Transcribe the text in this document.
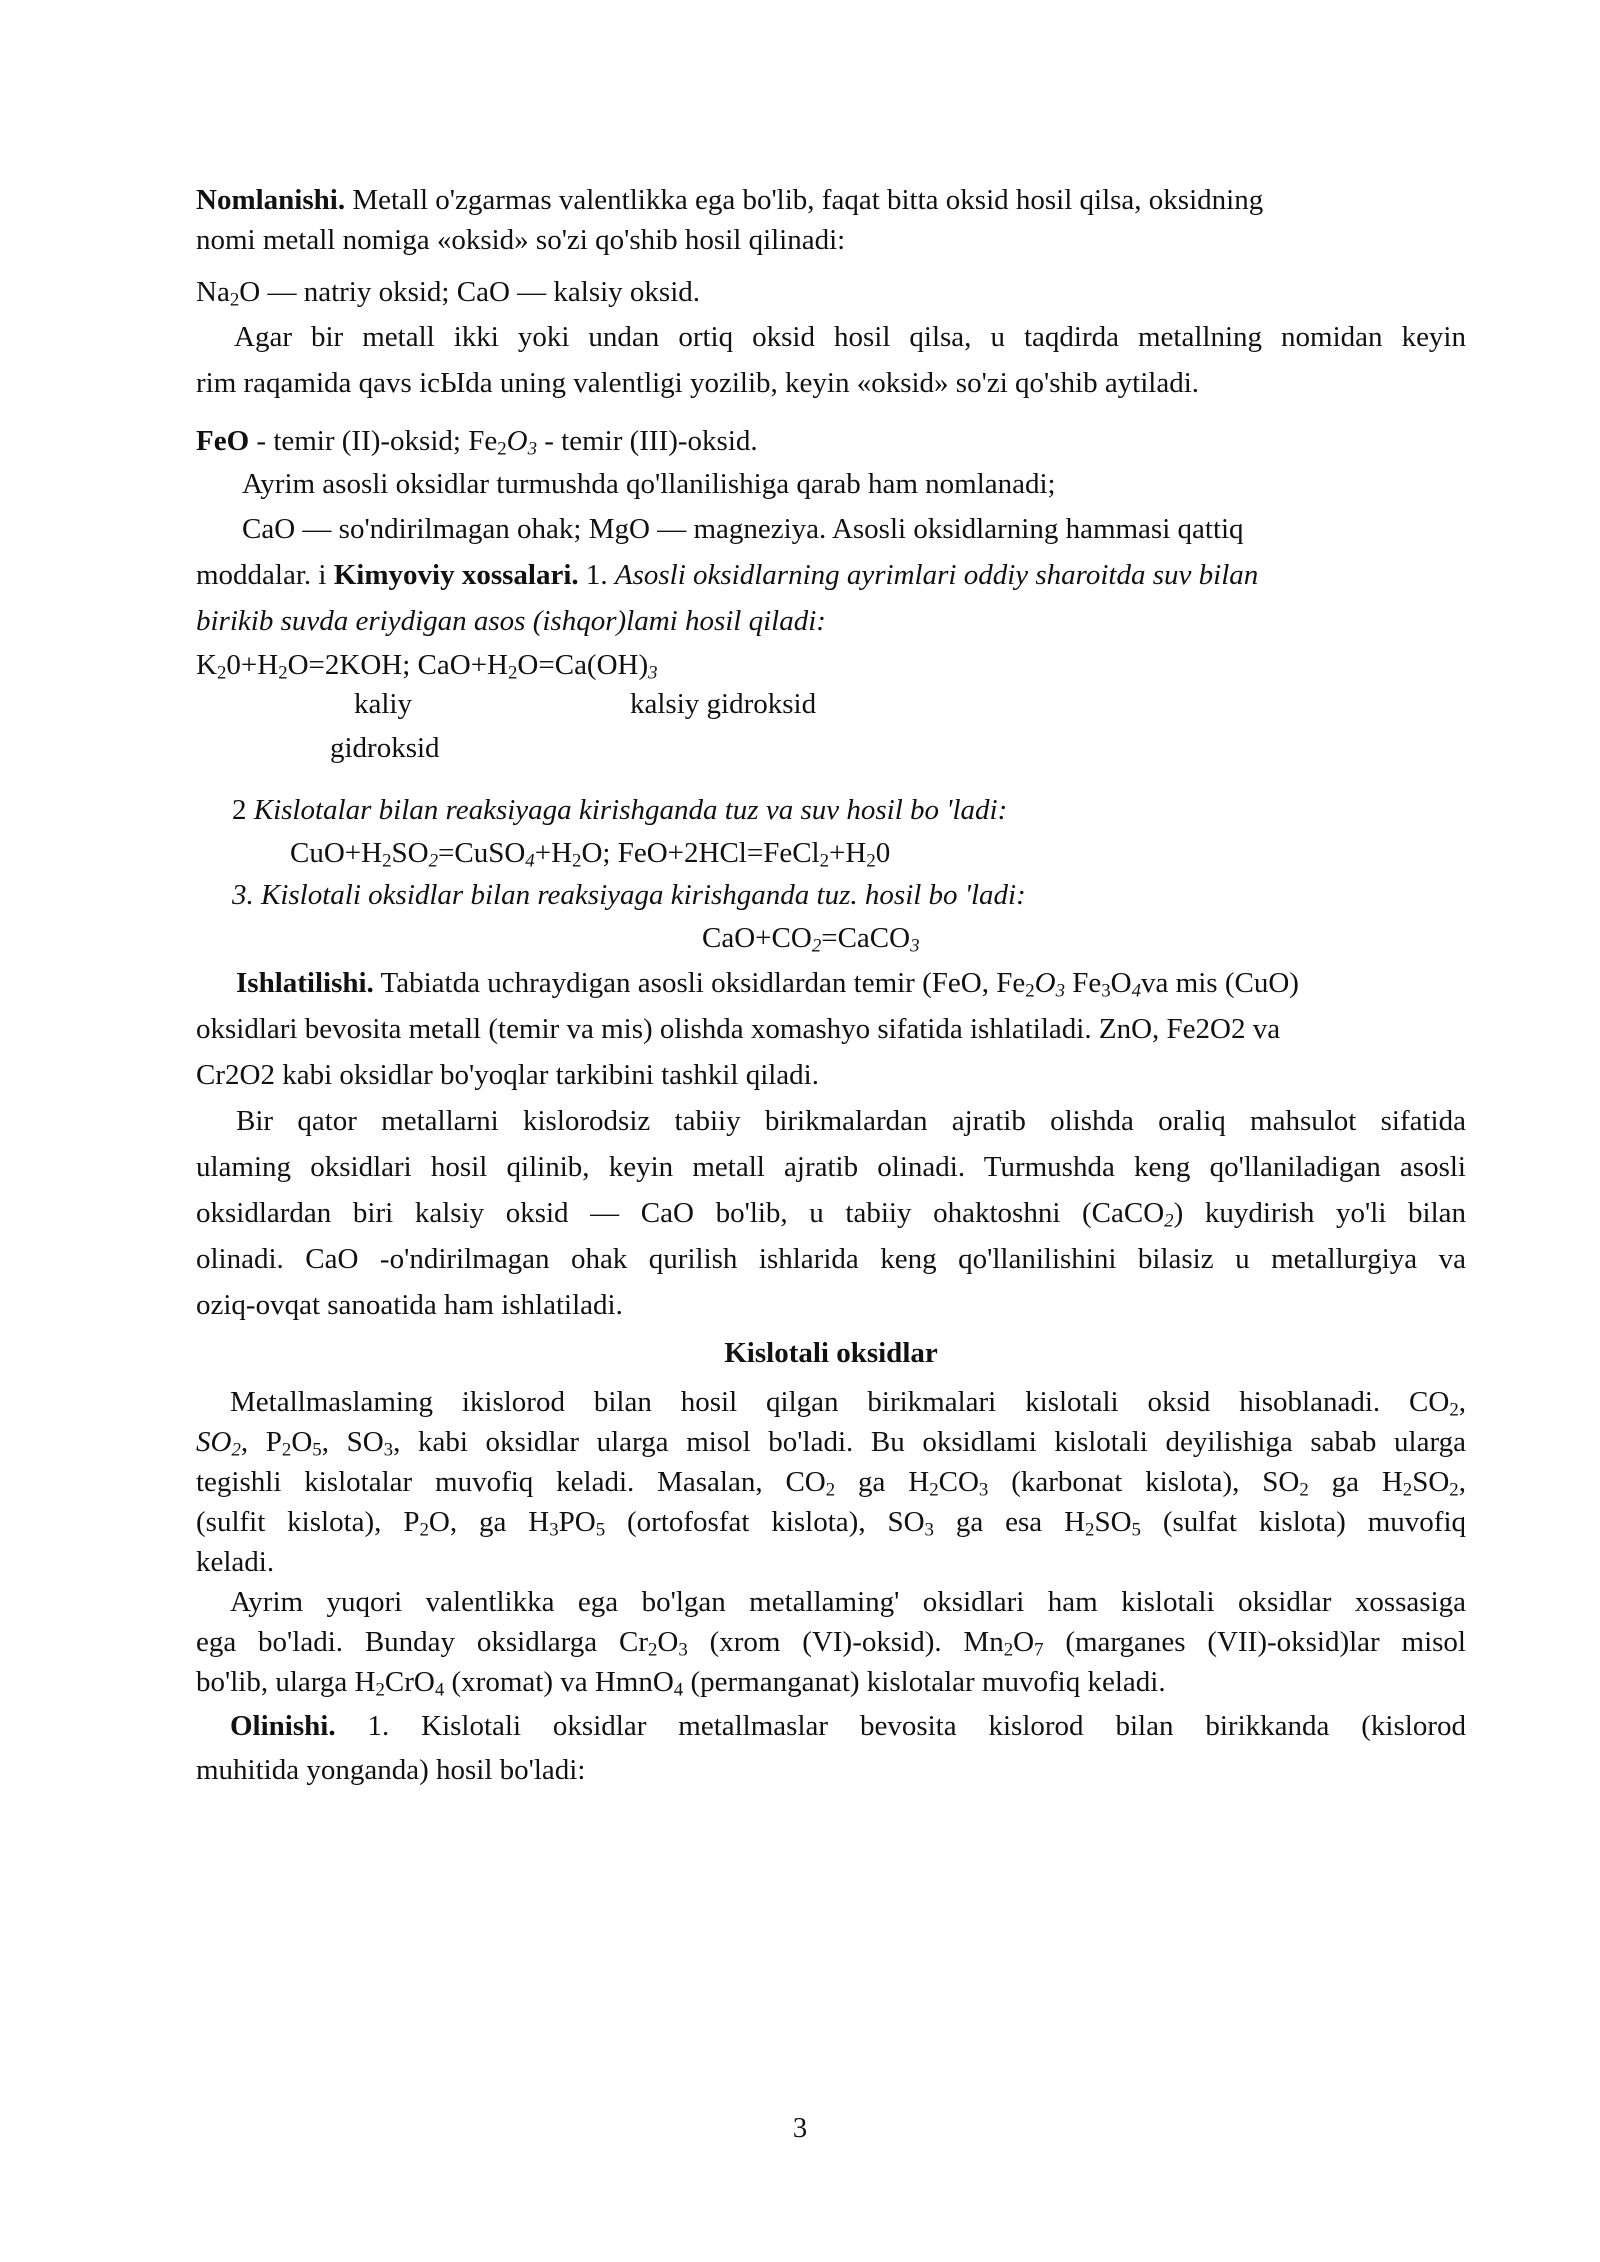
Nomlanishi. Metall o'zgarmas valentlikka ega bo'lib, faqat bitta oksid hosil qilsa, oksidning
nomi metall nomiga «oksid» so'zi qo'shib hosil qilinadi:
$Na_2O$ — natriy oksid; CaO — kalsiy oksid.
Agar bir metall ikki yoki undan ortiq oksid hosil qilsa, u taqdirda metallning nomidan keyin
rim raqamida qavs icЫda uning valentligi yozilib, keyin «oksid» so'zi qo'shib aytiladi.
FeO - temir (II)-oksid; $Fe_2O_3$ - temir (III)-oksid.
Ayrim asosli oksidlar turmushda qo'llanilishiga qarab ham nomlanadi;
CaO — so'ndirilmagan ohak; MgO — magneziya. Asosli oksidlarning hammasi qattiq
moddalar. i Kimyoviy xossalari. 1. Asosli oksidlarning ayrimlari oddiy sharoitda suv bilan
birikib suvda eriydigan asos (ishqor)lami hosil qiladi:
$K_20+H_2O=2KOH$; $CaO+H_2O=Ca(OH)_3$
kaliy	kalsiy gidroksid
gidroksid
2 Kislotalar bilan reaksiyaga kirishganda tuz va suv hosil bo 'ladi:
$CuO+H_2SO_2=CuSO_4+H_2O$; $FeO+2HCl=FeCl_2+H_20$
3. Kislotali oksidlar bilan reaksiyaga kirishganda tuz. hosil bo 'ladi:
$CaO+CO_2=CaCO_3$
Ishlatilishi. Tabiatda uchraydigan asosli oksidlardan temir (FeO, $Fe_2O_3$ $Fe_3O_4va$ mis (CuO)
oksidlari bevosita metall (temir va mis) olishda xomashyo sifatida ishlatiladi. ZnO, Fe2O2 va
Cr2O2 kabi oksidlar bo'yoqlar tarkibini tashkil qiladi.
Bir qator metallarni kislorodsiz tabiiy birikmalardan ajratib olishda oraliq mahsulot sifatida
ulaming oksidlari hosil qilinib, keyin metall ajratib olinadi. Turmushda keng qo'llaniladigan asosli
oksidlardan biri kalsiy oksid — CaO bo'lib, u tabiiy ohaktoshni (CaCO$_2$) kuydirish yo'li bilan
olinadi. CaO -o'ndirilmagan ohak qurilish ishlarida keng qo'llanilishini bilasiz u metallurgiya va
oziq-ovqat sanoatida ham ishlatiladi.
Kislotali oksidlar
Metallmaslaming ikislorod bilan hosil qilgan birikmalari kislotali oksid hisoblanadi. $CO_2$,
$SO_2$, $P_2O_5$, $SO_3$, kabi oksidlar ularga misol bo'ladi. Bu oksidlami kislotali deyilishiga sabab ularga
tegishli kislotalar muvofiq keladi. Masalan, $CO_2$ ga $H_2CO_3$ (karbonat kislota), $SO_2$ ga $H_2SO_2$,
(sulfit kislota), $P_2O$, ga $H_3PO_5$ (ortofosfat kislota), $SO_3$ ga esa $H_2SO_5$ (sulfat kislota) muvofiq
keladi.
Ayrim yuqori valentlikka ega bo'lgan metallaming' oksidlari ham kislotali oksidlar xossasiga
ega bo'ladi. Bunday oksidlarga $Cr_2O_3$ (xrom (VI)-oksid). $Mn_2O_7$ (marganes (VII)-oksid)lar misol
bo'lib, ularga $H_2CrO_4$ (xromat) va HmnO$_4$ (permanganat) kislotalar muvofiq keladi.
Olinishi. 1. Kislotali oksidlar metallmaslar bevosita kislorod bilan birikkanda (kislorod
muhitida yonganda) hosil bo'ladi:
3
